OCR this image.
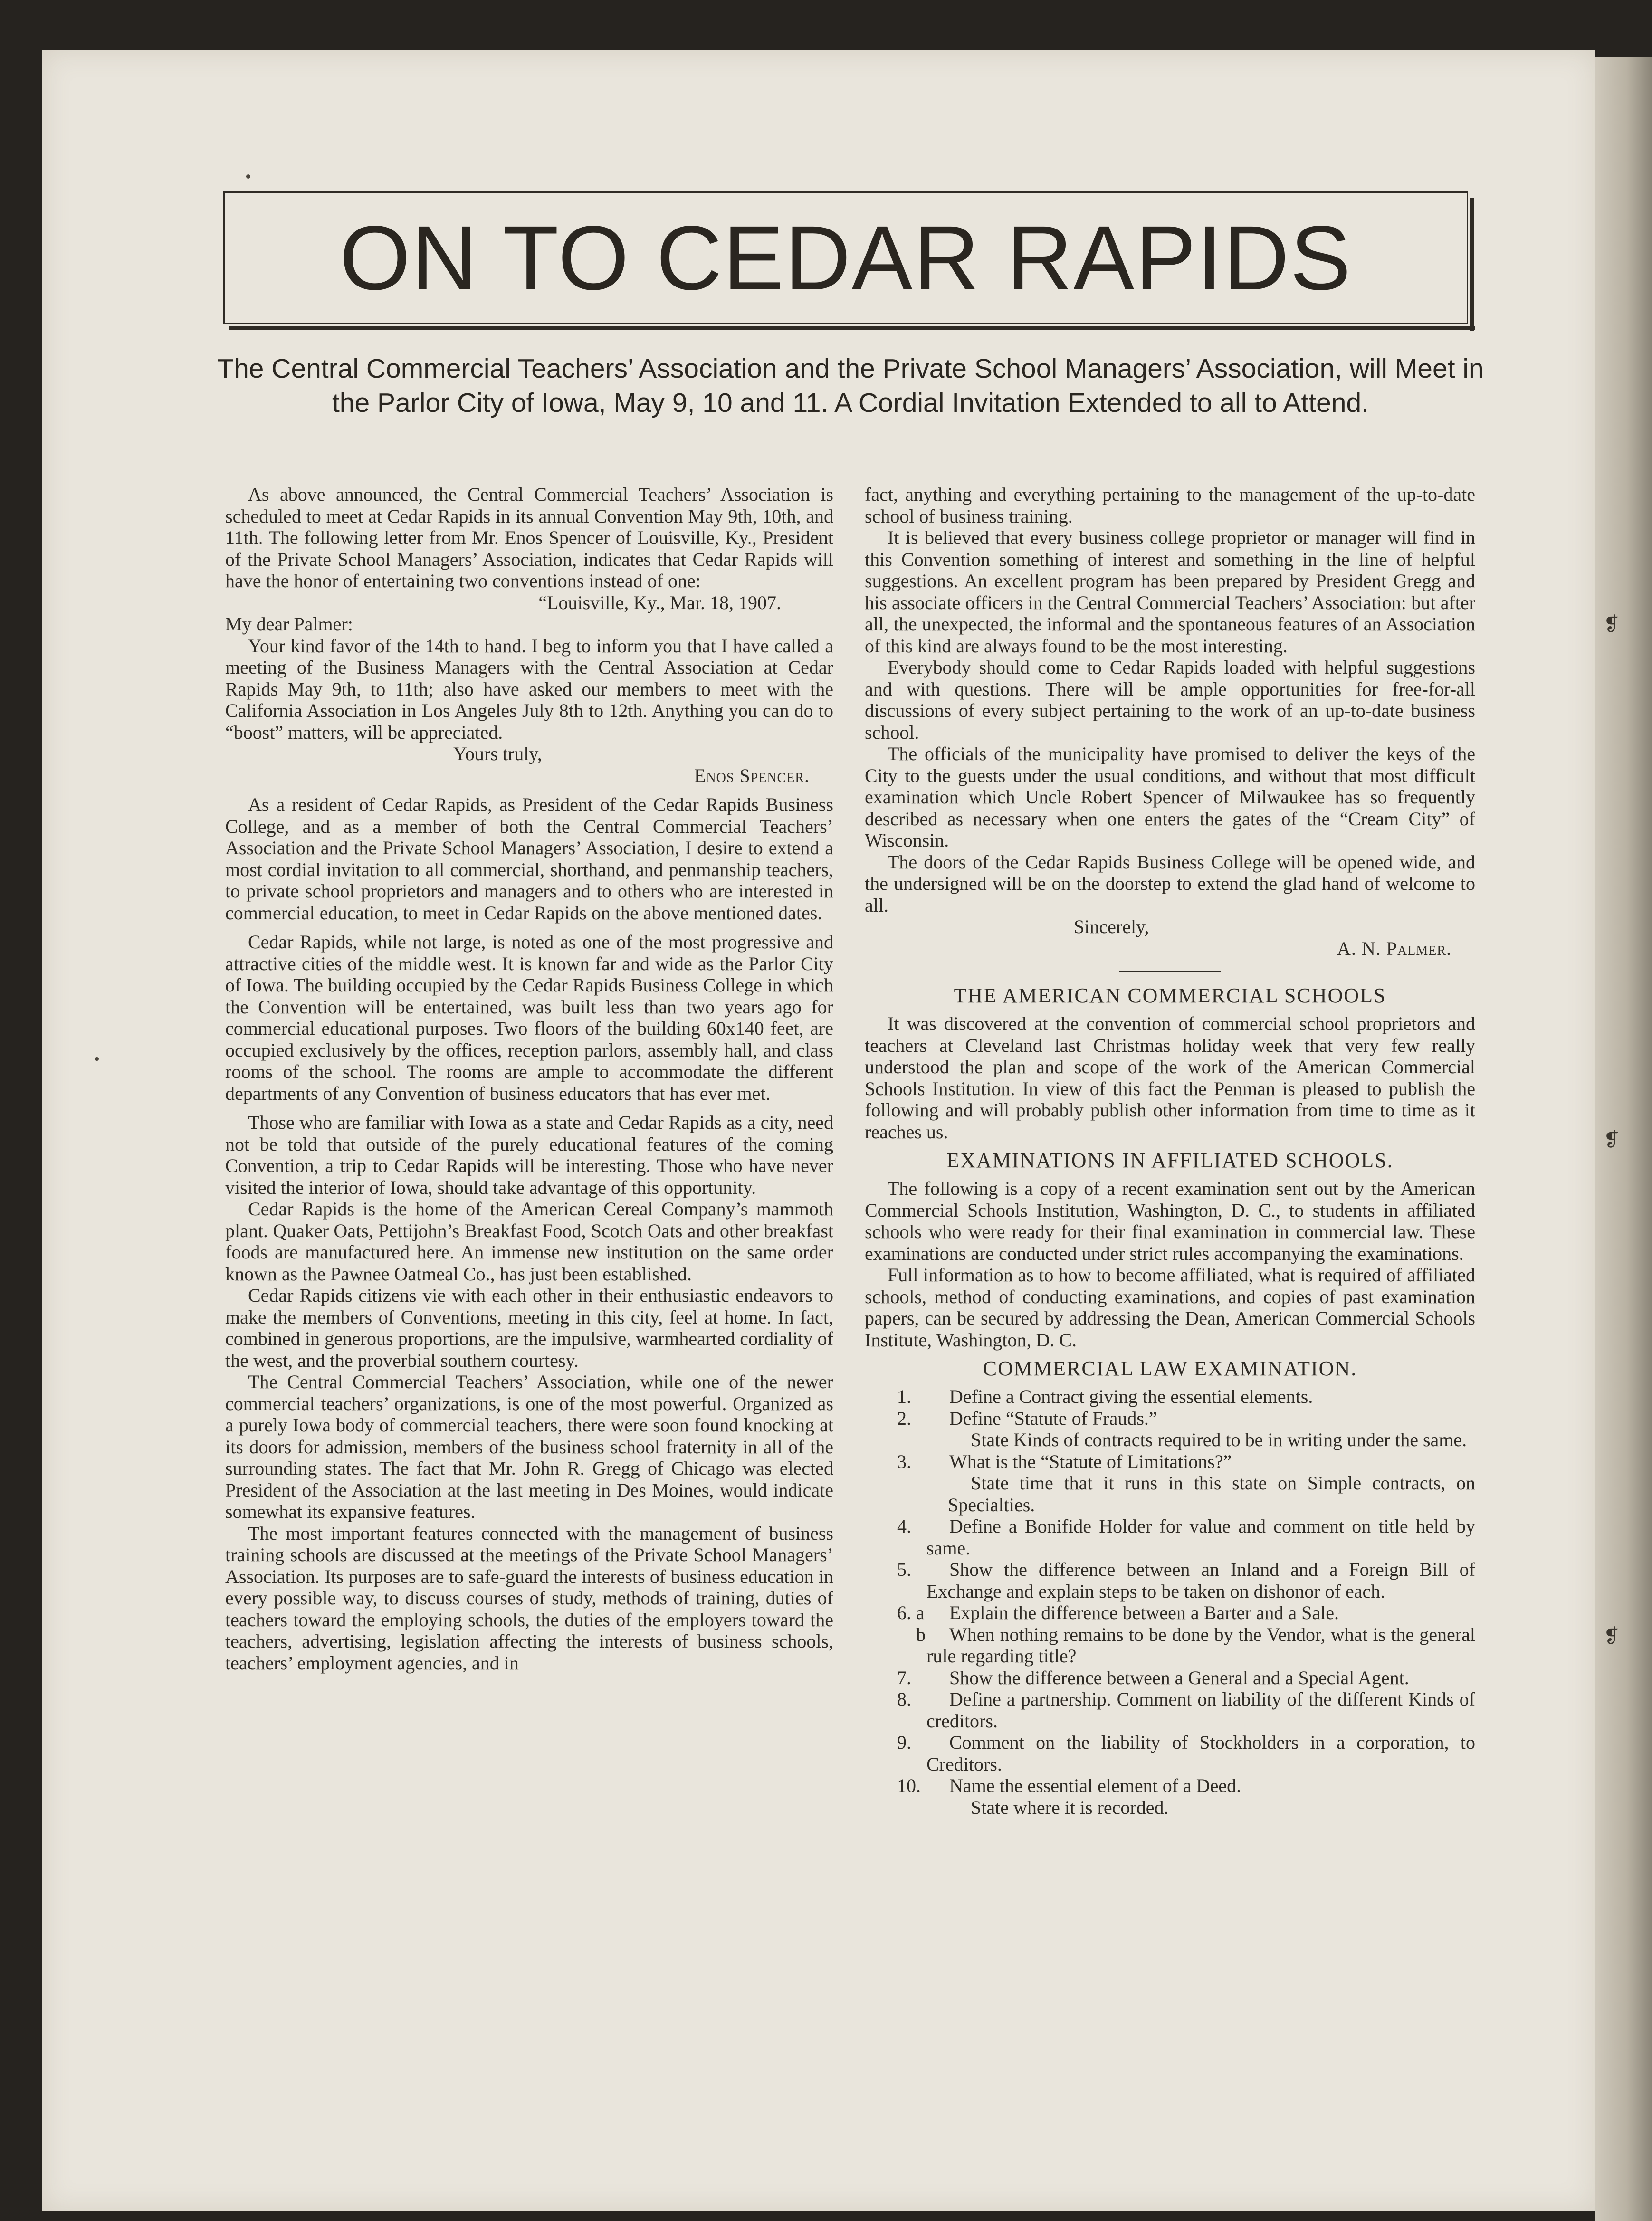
❡
❡
❡
ON TO CEDAR RAPIDS
The Central Commercial Teachers’ Association and the Private School Managers’ Association, will Meet in the Parlor City of Iowa, May 9, 10 and 11. A Cordial Invitation Extended to all to Attend.

As above announced, the Central Commercial Teachers’ Association is scheduled to meet at Cedar Rapids in its annual Convention May 9th, 10th, and 11th. The following letter from Mr. Enos Spencer of Louisville, Ky., President of the Private School Managers’ Association, indicates that Cedar Rapids will have the honor of entertaining two conventions instead of one:

“Louisville, Ky., Mar. 18, 1907.

My dear Palmer:

Your kind favor of the 14th to hand. I beg to inform you that I have called a meeting of the Business Managers with the Central Association at Cedar Rapids May 9th, to 11th; also have asked our members to meet with the California Association in Los Angeles July 8th to 12th. Anything you can do to “boost” matters, will be appreciated.

Yours truly,

Enos Spencer.

As a resident of Cedar Rapids, as President of the Cedar Rapids Business College, and as a member of both the Central Commercial Teachers’ Association and the Private School Managers’ Association, I desire to extend a most cordial invitation to all commercial, shorthand, and penmanship teachers, to private school proprietors and managers and to others who are interested in commercial education, to meet in Cedar Rapids on the above mentioned dates.

Cedar Rapids, while not large, is noted as one of the most progressive and attractive cities of the middle west. It is known far and wide as the Parlor City of Iowa. The building occupied by the Cedar Rapids Business College in which the Convention will be entertained, was built less than two years ago for commercial educational purposes. Two floors of the building 60x140 feet, are occupied exclusively by the offices, reception parlors, assembly hall, and class rooms of the school. The rooms are ample to accommodate the different departments of any Convention of business educators that has ever met.

Those who are familiar with Iowa as a state and Cedar Rapids as a city, need not be told that outside of the purely educational features of the coming Convention, a trip to Cedar Rapids will be interesting. Those who have never visited the interior of Iowa, should take advantage of this opportunity.

Cedar Rapids is the home of the American Cereal Company’s mammoth plant. Quaker Oats, Pettijohn’s Breakfast Food, Scotch Oats and other breakfast foods are manufactured here. An immense new institution on the same order known as the Pawnee Oatmeal Co., has just been established.

Cedar Rapids citizens vie with each other in their enthusiastic endeavors to make the members of Conventions, meeting in this city, feel at home. In fact, combined in generous proportions, are the impulsive, warmhearted cordiality of the west, and the proverbial southern courtesy.

The Central Commercial Teachers’ Association, while one of the newer commercial teachers’ organizations, is one of the most powerful. Organized as a purely Iowa body of commercial teachers, there were soon found knocking at its doors for admission, members of the business school fraternity in all of the surrounding states. The fact that Mr. John R. Gregg of Chicago was elected President of the Association at the last meeting in Des Moines, would indicate somewhat its expansive features.

The most important features connected with the management of business training schools are discussed at the meetings of the Private School Managers’ Association. Its purposes are to safe-guard the interests of business education in every possible way, to discuss courses of study, methods of training, duties of teachers toward the employing schools, the duties of the employers toward the teachers, advertising, legislation affecting the interests of business schools, teachers’ employment agencies, and in

fact, anything and everything pertaining to the management of the up-to-date school of business training.

It is believed that every business college proprietor or manager will find in this Convention something of interest and something in the line of helpful suggestions. An excellent program has been prepared by President Gregg and his associate officers in the Central Commercial Teachers’ Association: but after all, the unexpected, the informal and the spontaneous features of an Association of this kind are always found to be the most interesting.

Everybody should come to Cedar Rapids loaded with helpful suggestions and with questions. There will be ample opportunities for free-for-all discussions of every subject pertaining to the work of an up-to-date business school.

The officials of the municipality have promised to deliver the keys of the City to the guests under the usual conditions, and without that most difficult examination which Uncle Robert Spencer of Milwaukee has so frequently described as necessary when one enters the gates of the “Cream City” of Wisconsin.

The doors of the Cedar Rapids Business College will be opened wide, and the undersigned will be on the doorstep to extend the glad hand of welcome to all.

Sincerely,

A. N. Palmer.

THE AMERICAN COMMERCIAL SCHOOLS

It was discovered at the convention of commercial school proprietors and teachers at Cleveland last Christmas holiday week that very few really understood the plan and scope of the work of the American Commercial Schools Institution. In view of this fact the Penman is pleased to publish the following and will probably publish other information from time to time as it reaches us.

EXAMINATIONS IN AFFILIATED SCHOOLS.

The following is a copy of a recent examination sent out by the American Commercial Schools Institution, Washington, D. C., to students in affiliated schools who were ready for their final examination in commercial law. These examinations are conducted under strict rules accompanying the examinations.

Full information as to how to become affiliated, what is required of affiliated schools, method of conducting examinations, and copies of past examination papers, can be secured by addressing the Dean, American Commercial Schools Institute, Washington, D. C.

COMMERCIAL LAW EXAMINATION.

1. Define a Contract giving the essential elements.

2. Define “Statute of Frauds.”
State Kinds of contracts required to be in writing under the same.

3. What is the “Statute of Limitations?”
State time that it runs in this state on Simple contracts, on Specialties.

4. Define a Bonifide Holder for value and comment on title held by same.

5. Show the difference between an Inland and a Foreign Bill of Exchange and explain steps to be taken on dishonor of each.

6. a Explain the difference between a Barter and a Sale.

b When nothing remains to be done by the Vendor, what is the general rule regarding title?

7. Show the difference between a General and a Special Agent.

8. Define a partnership. Comment on liability of the different Kinds of creditors.

9. Comment on the liability of Stockholders in a corporation, to Creditors.

10. Name the essential element of a Deed.
State where it is recorded.
